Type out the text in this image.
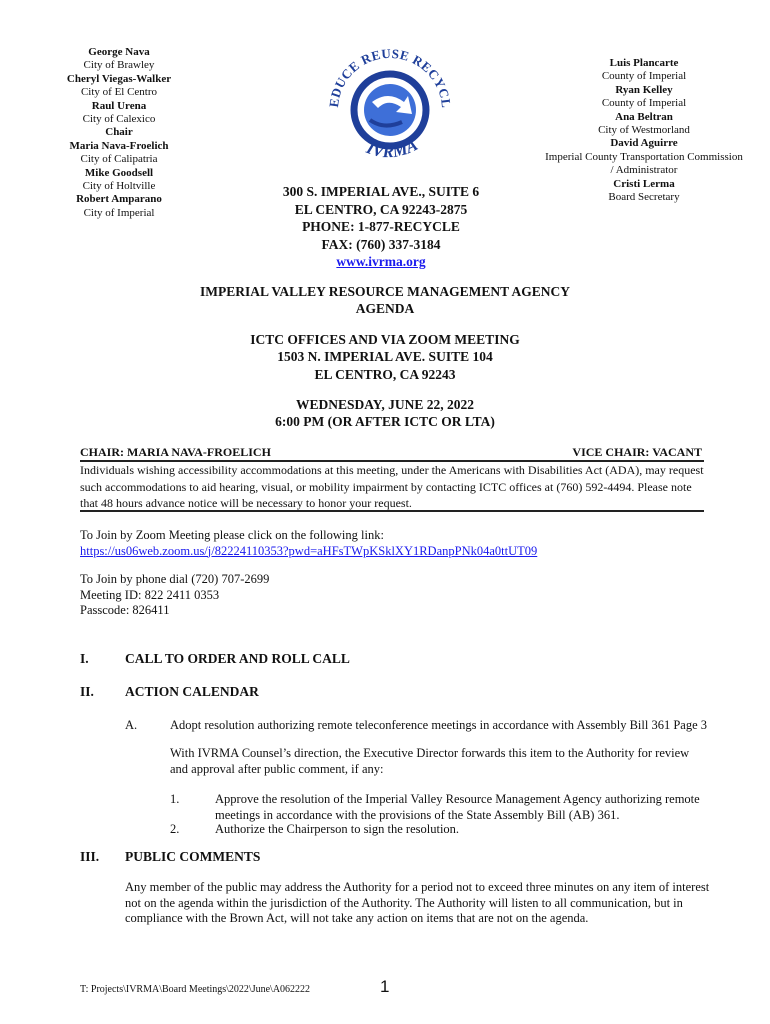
George Nava
City of Brawley
Cheryl Viegas-Walker
City of El Centro
Raul Urena
City of Calexico
Chair
Maria Nava-Froelich
City of Calipatria
Mike Goodsell
City of Holtville
Robert Amparano
City of Imperial
EDUCE REUSE RECYCL
IVRMA
Luis Plancarte
County of Imperial
Ryan Kelley
County of Imperial
Ana Beltran
City of Westmorland
David Aguirre
Imperial County Transportation Commission
/ Administrator
Cristi Lerma
Board Secretary
300 S. IMPERIAL AVE., SUITE 6
EL CENTRO, CA 92243-2875
PHONE: 1-877-RECYCLE
FAX: (760) 337-3184
www.ivrma.org
IMPERIAL VALLEY RESOURCE MANAGEMENT AGENCY
AGENDA
ICTC OFFICES AND VIA ZOOM MEETING
1503 N. IMPERIAL AVE. SUITE 104
EL CENTRO, CA 92243
WEDNESDAY, JUNE 22, 2022
6:00 PM (OR AFTER ICTC OR LTA)
CHAIR: MARIA NAVA-FROELICH	VICE CHAIR: VACANT
Individuals wishing accessibility accommodations at this meeting, under the Americans with Disabilities Act (ADA), may request such accommodations to aid hearing, visual, or mobility impairment by contacting ICTC offices at (760) 592-4494. Please note that 48 hours advance notice will be necessary to honor your request.
To Join by Zoom Meeting please click on the following link:
https://us06web.zoom.us/j/82224110353?pwd=aHFsTWpKSklXY1RDanpPNk04a0ttUT09
To Join by phone dial (720) 707-2699
Meeting ID: 822 2411 0353
Passcode: 826411
I.	CALL TO ORDER AND ROLL CALL
II. ACTION CALENDAR
A.	Adopt resolution authorizing remote teleconference meetings in accordance with Assembly Bill 361 Page 3
With IVRMA Counsel’s direction, the Executive Director forwards this item to the Authority for review and approval after public comment, if any:
1.	Approve the resolution of the Imperial Valley Resource Management Agency authorizing remote meetings in accordance with the provisions of the State Assembly Bill (AB) 361.
2.	Authorize the Chairperson to sign the resolution.
III. PUBLIC COMMENTS
Any member of the public may address the Authority for a period not to exceed three minutes on any item of interest not on the agenda within the jurisdiction of the Authority. The Authority will listen to all communication, but in compliance with the Brown Act, will not take any action on items that are not on the agenda.
T: Projects\IVRMA\Board Meetings\2022\June\A062222	1
